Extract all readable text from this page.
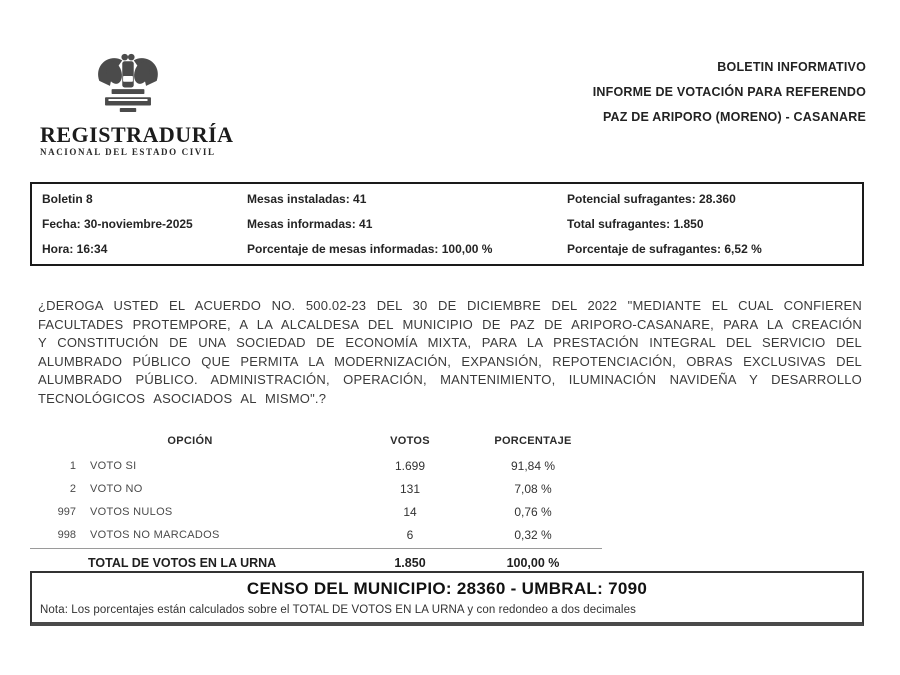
REGISTRADURÍA
NACIONAL DEL ESTADO CIVIL
BOLETIN INFORMATIVO
INFORME DE VOTACIÓN PARA REFERENDO
PAZ DE ARIPORO (MORENO) - CASANARE
Boletin 8	Mesas instaladas: 41	Potencial sufragantes: 28.360
Fecha: 30-noviembre-2025	Mesas informadas: 41	Total sufragantes: 1.850
Hora: 16:34	Porcentaje de mesas informadas: 100,00 %	Porcentaje de sufragantes: 6,52 %
¿DEROGA USTED EL ACUERDO NO. 500.02-23 DEL 30 DE DICIEMBRE DEL 2022 "MEDIANTE EL CUAL CONFIEREN FACULTADES PROTEMPORE, A LA ALCALDESA DEL MUNICIPIO DE PAZ DE ARIPORO-CASANARE, PARA LA CREACIÓN Y CONSTITUCIÓN DE UNA SOCIEDAD DE ECONOMÍA MIXTA, PARA LA PRESTACIÓN INTEGRAL DEL SERVICIO DEL ALUMBRADO PÚBLICO QUE PERMITA LA MODERNIZACIÓN, EXPANSIÓN, REPOTENCIACIÓN, OBRAS EXCLUSIVAS DEL ALUMBRADO PÚBLICO. ADMINISTRACIÓN, OPERACIÓN, MANTENIMIENTO, ILUMINACIÓN NAVIDEÑA Y DESARROLLO TECNOLÓGICOS ASOCIADOS AL MISMO".?
OPCIÓN	VOTOS	PORCENTAJE
1	VOTO SI	1.699	91,84 %
2	VOTO NO	131	7,08 %
997	VOTOS NULOS	14	0,76 %
998	VOTOS NO MARCADOS	6	0,32 %
TOTAL DE VOTOS EN LA URNA	1.850	100,00 %
CENSO DEL MUNICIPIO: 28360 - UMBRAL: 7090
Nota: Los porcentajes están calculados sobre el TOTAL DE VOTOS EN LA URNA y con redondeo a dos decimales
